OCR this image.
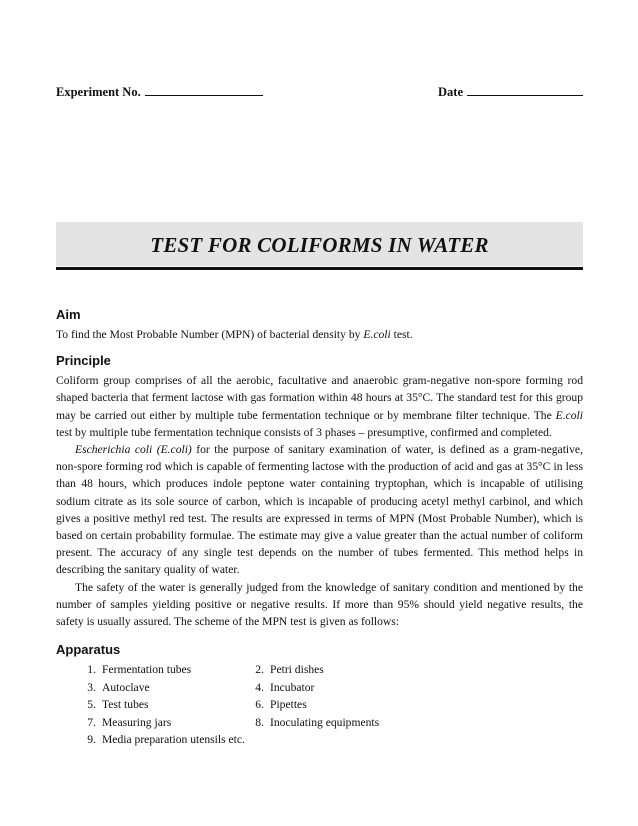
Experiment No.	Date
TEST FOR COLIFORMS IN WATER
Aim

To find the Most Probable Number (MPN) of bacterial density by E.coli test.

Principle

Coliform group comprises of all the aerobic, facultative and anaerobic gram-negative non-spore forming rod shaped bacteria that ferment lactose with gas formation within 48 hours at 35°C. The standard test for this group may be carried out either by multiple tube fermentation technique or by membrane filter technique. The E.coli test by multiple tube fermentation technique consists of 3 phases – presumptive, confirmed and completed.

Escherichia coli (E.coli) for the purpose of sanitary examination of water, is defined as a gram-negative, non-spore forming rod which is capable of fermenting lactose with the production of acid and gas at 35°C in less than 48 hours, which produces indole peptone water containing tryptophan, which is incapable of utilising sodium citrate as its sole source of carbon, which is incapable of producing acetyl methyl carbinol, and which gives a positive methyl red test. The results are expressed in terms of MPN (Most Probable Number), which is based on certain probability formulae. The estimate may give a value greater than the actual number of coliform present. The accuracy of any single test depends on the number of tubes fermented. This method helps in describing the sanitary quality of water.

The safety of the water is generally judged from the knowledge of sanitary condition and mentioned by the number of samples yielding positive or negative results. If more than 95% should yield negative results, the safety is usually assured. The scheme of the MPN test is given as follows:

Apparatus
1. Fermentation tubes	2. Petri dishes
3. Autoclave	4. Incubator
5. Test tubes	6. Pipettes
7. Measuring jars	8. Inoculating equipments
9. Media preparation utensils etc.
